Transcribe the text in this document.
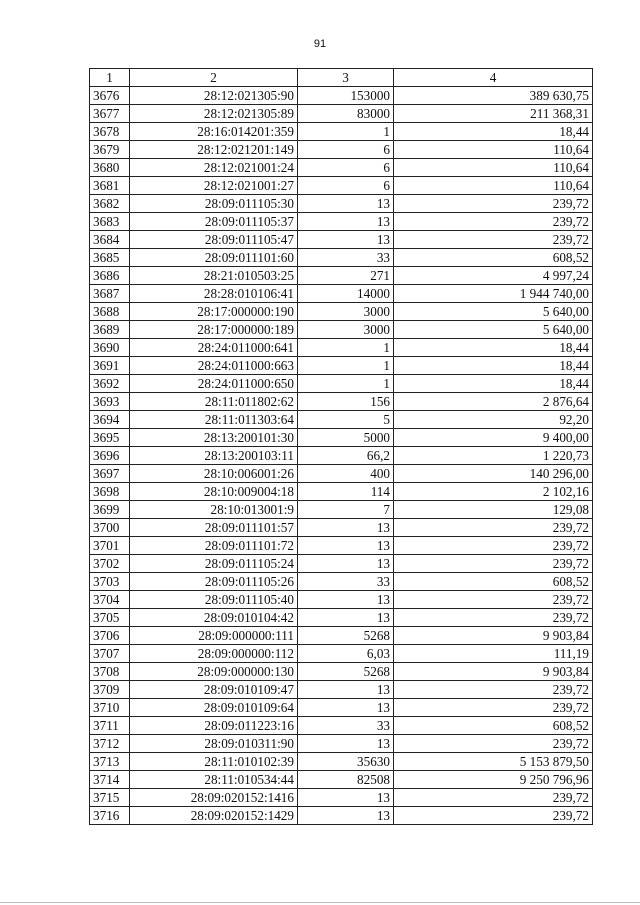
91
1	2	3	4
3676	28:12:021305:90	153000	389 630,75
3677	28:12:021305:89	83000	211 368,31
3678	28:16:014201:359	1	18,44
3679	28:12:021201:149	6	110,64
3680	28:12:021001:24	6	110,64
3681	28:12:021001:27	6	110,64
3682	28:09:011105:30	13	239,72
3683	28:09:011105:37	13	239,72
3684	28:09:011105:47	13	239,72
3685	28:09:011101:60	33	608,52
3686	28:21:010503:25	271	4 997,24
3687	28:28:010106:41	14000	1 944 740,00
3688	28:17:000000:190	3000	5 640,00
3689	28:17:000000:189	3000	5 640,00
3690	28:24:011000:641	1	18,44
3691	28:24:011000:663	1	18,44
3692	28:24:011000:650	1	18,44
3693	28:11:011802:62	156	2 876,64
3694	28:11:011303:64	5	92,20
3695	28:13:200101:30	5000	9 400,00
3696	28:13:200103:11	66,2	1 220,73
3697	28:10:006001:26	400	140 296,00
3698	28:10:009004:18	114	2 102,16
3699	28:10:013001:9	7	129,08
3700	28:09:011101:57	13	239,72
3701	28:09:011101:72	13	239,72
3702	28:09:011105:24	13	239,72
3703	28:09:011105:26	33	608,52
3704	28:09:011105:40	13	239,72
3705	28:09:010104:42	13	239,72
3706	28:09:000000:111	5268	9 903,84
3707	28:09:000000:112	6,03	111,19
3708	28:09:000000:130	5268	9 903,84
3709	28:09:010109:47	13	239,72
3710	28:09:010109:64	13	239,72
3711	28:09:011223:16	33	608,52
3712	28:09:010311:90	13	239,72
3713	28:11:010102:39	35630	5 153 879,50
3714	28:11:010534:44	82508	9 250 796,96
3715	28:09:020152:1416	13	239,72
3716	28:09:020152:1429	13	239,72
